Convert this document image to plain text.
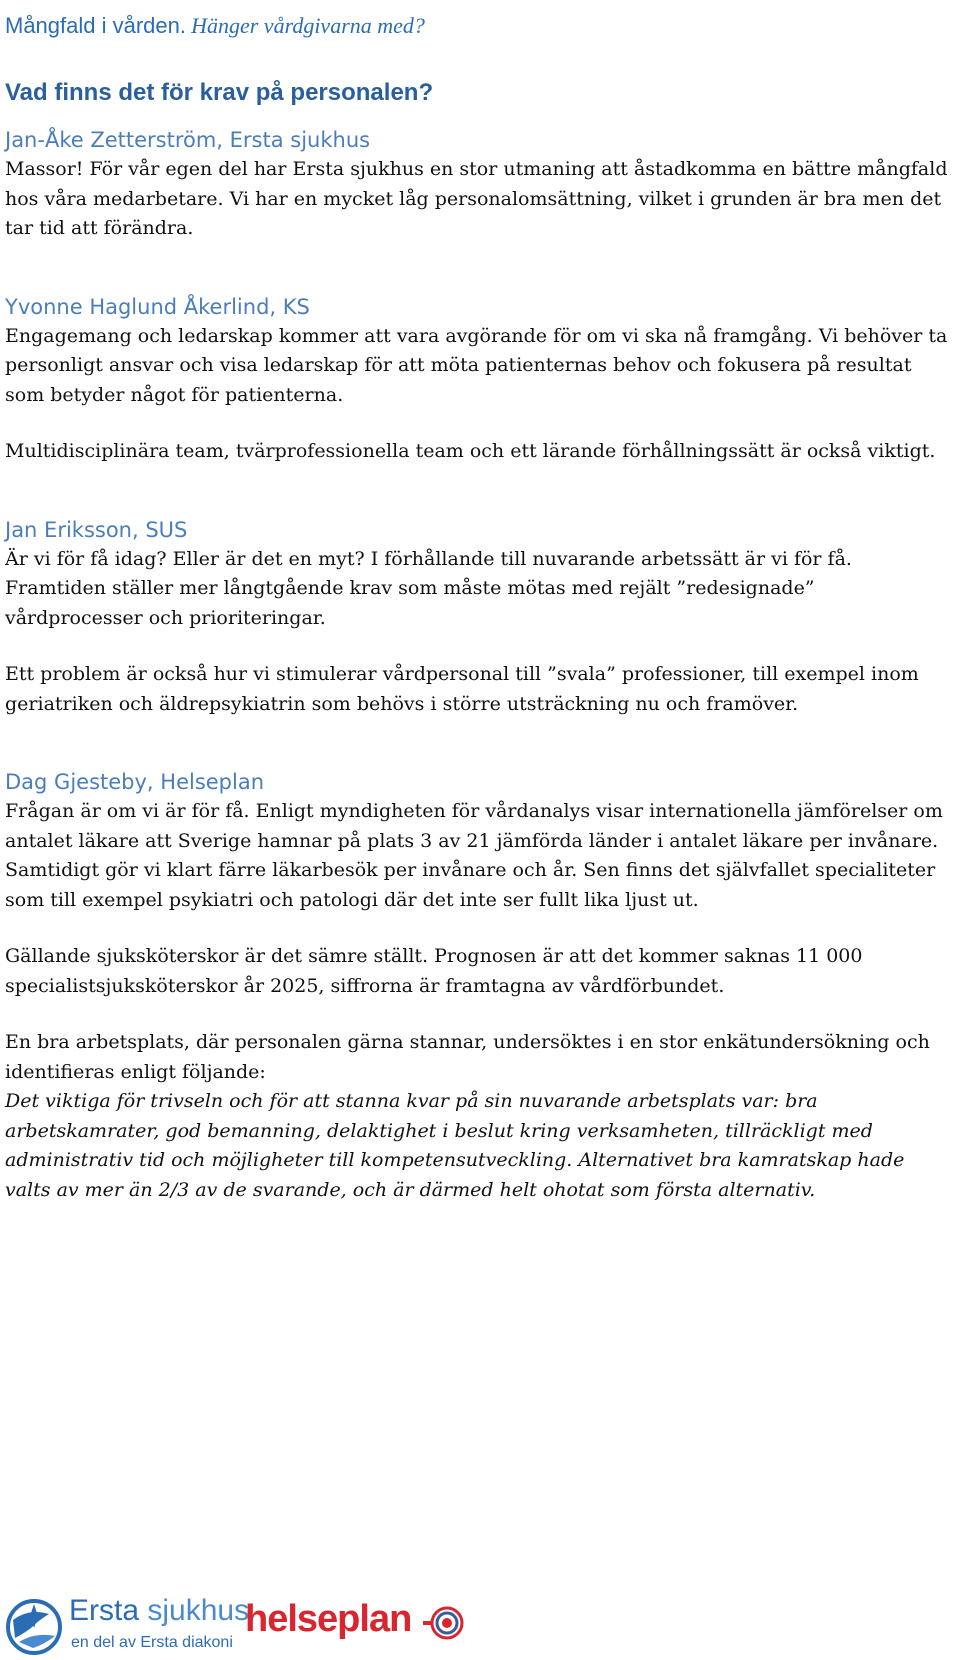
Mångfald i vården. Hänger vårdgivarna med?
Vad finns det för krav på personalen?
Jan-Åke Zetterström, Ersta sjukhus

Massor! För vår egen del har Ersta sjukhus en stor utmaning att åstadkomma en bättre mångfald hos våra medarbetare. Vi har en mycket låg personalomsättning, vilket i grunden är bra men det tar tid att förändra.

Yvonne Haglund Åkerlind, KS

Engagemang och ledarskap kommer att vara avgörande för om vi ska nå framgång. Vi behöver ta personligt ansvar och visa ledarskap för att möta patienternas behov och fokusera på resultat som betyder något för patienterna.

Multidisciplinära team, tvärprofessionella team och ett lärande förhållningssätt är också viktigt.

Jan Eriksson, SUS

Är vi för få idag? Eller är det en myt? I förhållande till nuvarande arbetssätt är vi för få. Framtiden ställer mer långtgående krav som måste mötas med rejält ”redesignade” vårdprocesser och prioriteringar.

Ett problem är också hur vi stimulerar vårdpersonal till ”svala” professioner, till exempel inom geriatriken och äldrepsykiatrin som behövs i större utsträckning nu och framöver.

Dag Gjesteby, Helseplan

Frågan är om vi är för få. Enligt myndigheten för vårdanalys visar internationella jämförelser om antalet läkare att Sverige hamnar på plats 3 av 21 jämförda länder i antalet läkare per invånare. Samtidigt gör vi klart färre läkarbesök per invånare och år. Sen finns det självfallet specialiteter som till exempel psykiatri och patologi där det inte ser fullt lika ljust ut.

Gällande sjuksköterskor är det sämre ställt. Prognosen är att det kommer saknas 11 000 specialistsjuksköterskor år 2025, siffrorna är framtagna av vårdförbundet.

En bra arbetsplats, där personalen gärna stannar, undersöktes i en stor enkätundersökning och identifieras enligt följande:

Det viktiga för trivseln och för att stanna kvar på sin nuvarande arbetsplats var: bra arbetskamrater, god bemanning, delaktighet i beslut kring verksamheten, tillräckligt med administrativ tid och möjligheter till kompetensutveckling. Alternativet bra kamratskap hade valts av mer än 2/3 av de svarande, och är därmed helt ohotat som första alternativ.

Ersta sjukhus
en del av Ersta diakoni
helseplan
